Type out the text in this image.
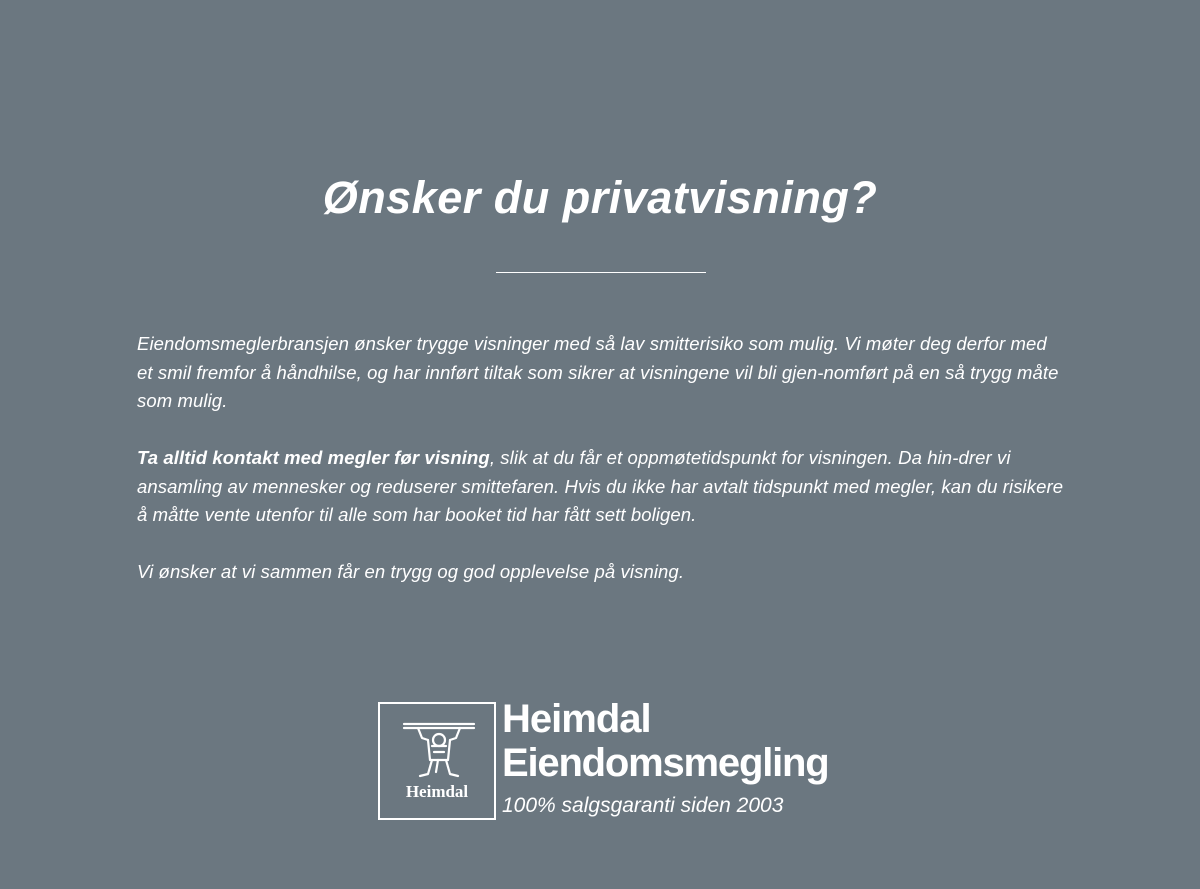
Ønsker du privatvisning?

Eiendomsmeglerbransjen ønsker trygge visninger med så lav smitterisiko som mulig. Vi møter deg derfor med et smil fremfor å håndhilse, og har innført tiltak som sikrer at visningene vil bli gjen-nomført på en så trygg måte som mulig.

Ta alltid kontakt med megler før visning, slik at du får et oppmøtetidspunkt for visningen. Da hin-drer vi ansamling av mennesker og reduserer smittefaren. Hvis du ikke har avtalt tidspunkt med megler, kan du risikere å måtte vente utenfor til alle som har booket tid har fått sett boligen.

Vi ønsker at vi sammen får en trygg og god opplevelse på visning.

Heimdal
Heimdal
Eiendomsmegling
100% salgsgaranti siden 2003
